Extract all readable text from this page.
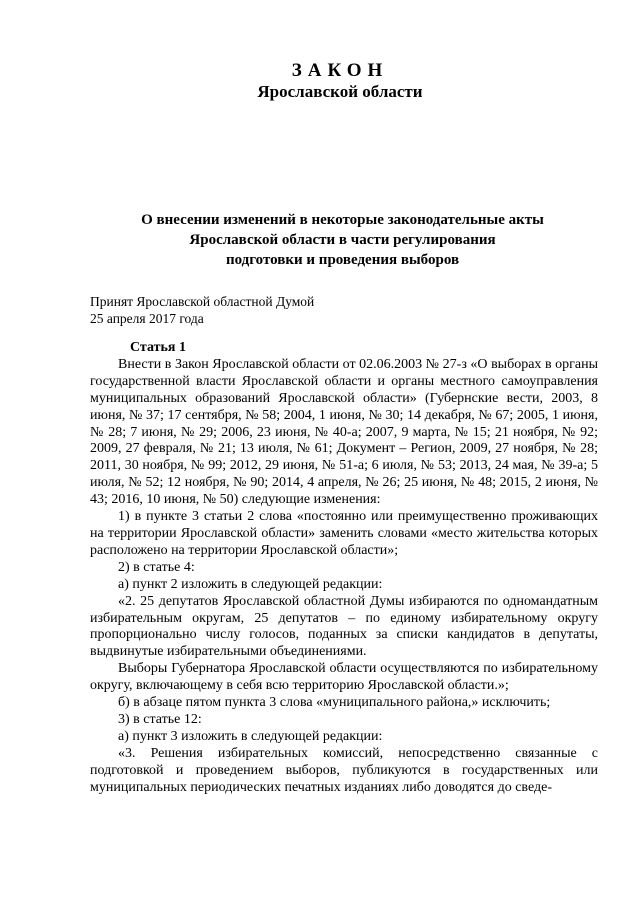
ЗАКОН
Ярославской области
О внесении изменений в некоторые законодательные акты
Ярославской области в части регулирования
подготовки и проведения выборов
Принят Ярославской областной Думой
25 апреля 2017 года

Статья 1

Внести в Закон Ярославской области от 02.06.2003 № 27-з «О выборах в органы государственной власти Ярославской области и органы местного самоуправления муниципальных образований Ярославской области» (Губернские вести, 2003, 8 июня, № 37; 17 сентября, № 58; 2004, 1 июня, № 30; 14 декабря, № 67; 2005, 1 июня, № 28; 7 июня, № 29; 2006, 23 июня, № 40-а; 2007, 9 марта, № 15; 21 ноября, № 92; 2009, 27 февраля, № 21; 13 июля, № 61; Документ – Регион, 2009, 27 ноября, № 28; 2011, 30 ноября, № 99; 2012, 29 июня, № 51-а; 6 июля, № 53; 2013, 24 мая, № 39-а; 5 июля, № 52; 12 ноября, № 90; 2014, 4 апреля, № 26; 25 июня, № 48; 2015, 2 июня, № 43; 2016, 10 июня, № 50) следующие изменения:

1) в пункте 3 статьи 2 слова «постоянно или преимущественно проживающих на территории Ярославской области» заменить словами «место жительства которых расположено на территории Ярославской области»;

2) в статье 4:

а) пункт 2 изложить в следующей редакции:

«2. 25 депутатов Ярославской областной Думы избираются по одномандатным избирательным округам, 25 депутатов – по единому избирательному округу пропорционально числу голосов, поданных за списки кандидатов в депутаты, выдвинутые избирательными объединениями.

Выборы Губернатора Ярославской области осуществляются по избирательному округу, включающему в себя всю территорию Ярославской области.»;

б) в абзаце пятом пункта 3 слова «муниципального района,» исключить;

3) в статье 12:

а) пункт 3 изложить в следующей редакции:

«3. Решения избирательных комиссий, непосредственно связанные с подготовкой и проведением выборов, публикуются в государственных или муниципальных периодических печатных изданиях либо доводятся до сведе-
